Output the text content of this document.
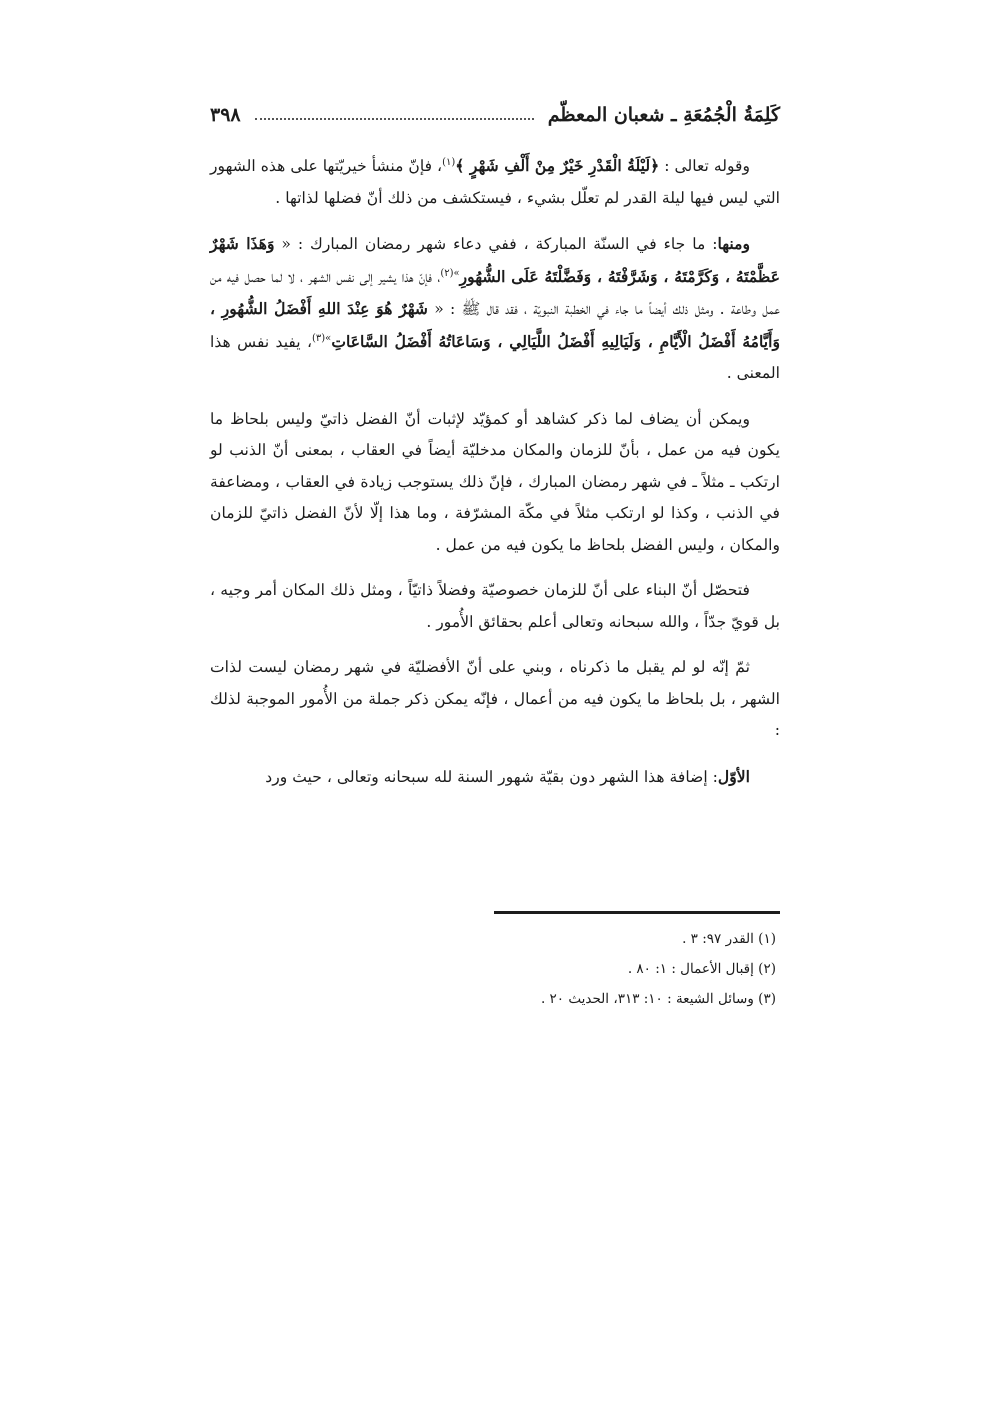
كَلِمَةُ الْجُمُعَةِ ـ شعبان المعظّم
٣٩٨

وقوله تعالى : ﴿لَيْلَةُ الْقَدْرِ خَيْرٌ مِنْ أَلْفِ شَهْرٍ ﴾$^{(١)}$، فإنّ منشأ خيريّتها على هذه الشهور التي ليس فيها ليلة القدر لم تعلّل بشيء ، فيستكشف من ذلك أنّ فضلها لذاتها .

ومنها: ما جاء في السنّة المباركة ، ففي دعاء شهر رمضان المبارك : « وَهَذَا شَهْرٌ عَظَّمْتَهُ ، وَكَرَّمْتَهُ ، وَشَرَّفْتَهُ ، وَفَضَّلْتَهُ عَلَى الشُّهُورِ$^{»(٢)}$، فإنّ هذا يشير إلى نفس الشهر ، لا لما حصل فيه من عمل وطاعة . ومثل ذلك أيضاً ما جاء في الخطبة النبويّة ، فقد قال ﷺ : « شَهْرٌ هُوَ عِنْدَ اللهِ أَفْضَلُ الشُّهُورِ ، وَأَيَّامُهُ أَفْضَلُ الْأَيَّامِ ، وَلَيَالِيهِ أَفْضَلُ اللَّيَالِي ، وَسَاعَاتُهُ أَفْضَلُ السَّاعَاتِ$^{»(٣)}$، يفيد نفس هذا المعنى .

ويمكن أن يضاف لما ذكر كشاهد أو كمؤيّد لإثبات أنّ الفضل ذاتيّ وليس بلحاظ ما يكون فيه من عمل ، بأنّ للزمان والمكان مدخليّة أيضاً في العقاب ، بمعنى أنّ الذنب لو ارتكب ـ مثلاً ـ في شهر رمضان المبارك ، فإنّ ذلك يستوجب زيادة في العقاب ، ومضاعفة في الذنب ، وكذا لو ارتكب مثلاً في مكّة المشرّفة ، وما هذا إلّا لأنّ الفضل ذاتيّ للزمان والمكان ، وليس الفضل بلحاظ ما يكون فيه من عمل .

فتحصّل أنّ البناء على أنّ للزمان خصوصيّة وفضلاً ذاتيّاً ، ومثل ذلك المكان أمر وجيه ، بل قويّ جدّاً ، والله سبحانه وتعالى أعلم بحقائق الأُمور .

ثمّ إنّه لو لم يقبل ما ذكرناه ، وبني على أنّ الأفضليّة في شهر رمضان ليست لذات الشهر ، بل بلحاظ ما يكون فيه من أعمال ، فإنّه يمكن ذكر جملة من الأُمور الموجبة لذلك :

الأوّل: إضافة هذا الشهر دون بقيّة شهور السنة لله سبحانه وتعالى ، حيث ورد

(١) القدر ٩٧: ٣ .
(٢) إقبال الأعمال : ١: ٨٠ .
(٣) وسائل الشيعة : ١٠: ٣١٣، الحديث ٢٠ .
